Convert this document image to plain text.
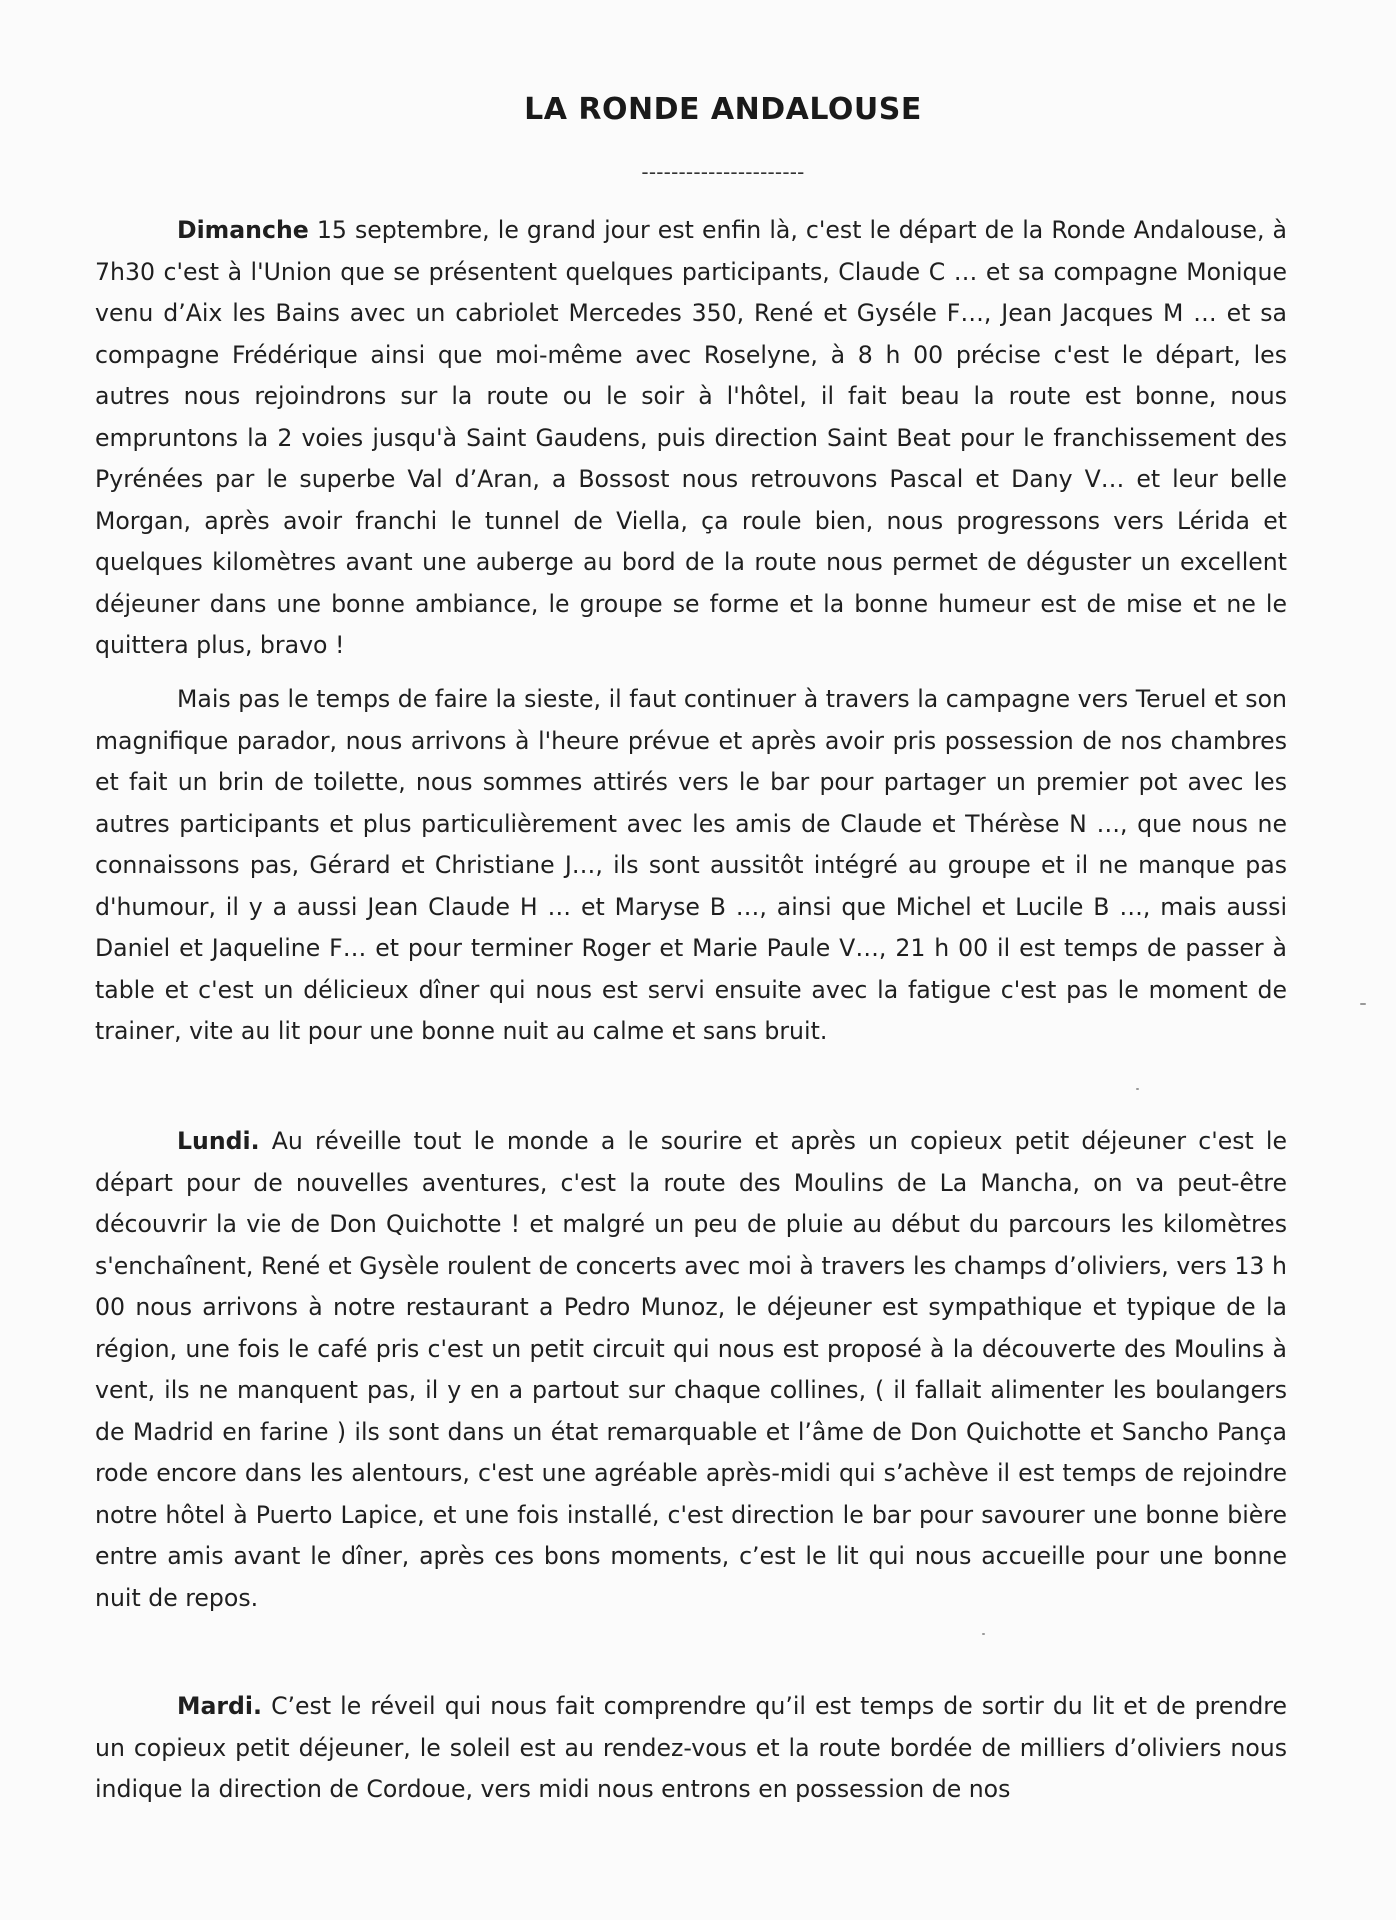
LA RONDE ANDALOUSE
----------------------

Dimanche 15 septembre, le grand jour est enfin là, c'est le départ de la Ronde Andalouse, à 7h30 c'est à l'Union que se présentent quelques participants, Claude C … et sa compagne Monique venu d’Aix les Bains avec un cabriolet Mercedes 350, René et Gyséle F…, Jean Jacques M … et sa compagne Frédérique ainsi que moi-même avec Roselyne, à 8 h 00 précise c'est le départ, les autres nous rejoindrons sur la route ou le soir à l'hôtel, il fait beau la route est bonne, nous empruntons la 2 voies jusqu'à Saint Gaudens, puis direction Saint Beat pour le franchissement des Pyrénées par le superbe Val d’Aran, a Bossost nous retrouvons Pascal et Dany V… et leur belle Morgan, après avoir franchi le tunnel de Viella, ça roule bien, nous progressons vers Lérida et quelques kilomètres avant une auberge au bord de la route nous permet de déguster un excellent déjeuner dans une bonne ambiance, le groupe se forme et la bonne humeur est de mise et ne le quittera plus, bravo !

Mais pas le temps de faire la sieste, il faut continuer à travers la campagne vers Teruel et son magnifique parador, nous arrivons à l'heure prévue et après avoir pris possession de nos chambres et fait un brin de toilette, nous sommes attirés vers le bar pour partager un premier pot avec les autres participants et plus particulièrement avec les amis de Claude et Thérèse N …, que nous ne connaissons pas, Gérard et Christiane J…, ils sont aussitôt intégré au groupe et il ne manque pas d'humour, il y a aussi Jean Claude H … et Maryse B …, ainsi que Michel et Lucile B …, mais aussi Daniel et Jaqueline F… et pour terminer Roger et Marie Paule V…, 21 h 00 il est temps de passer à table et c'est un délicieux dîner qui nous est servi ensuite avec la fatigue c'est pas le moment de trainer, vite au lit pour une bonne nuit au calme et sans bruit.

Lundi. Au réveille tout le monde a le sourire et après un copieux petit déjeuner c'est le départ pour de nouvelles aventures, c'est la route des Moulins de La Mancha, on va peut-être découvrir la vie de Don Quichotte ! et malgré un peu de pluie au début du parcours les kilomètres s'enchaînent, René et Gysèle roulent de concerts avec moi à travers les champs d’oliviers, vers 13 h 00 nous arrivons à notre restaurant a Pedro Munoz, le déjeuner est sympathique et typique de la région, une fois le café pris c'est un petit circuit qui nous est proposé à la découverte des Moulins à vent, ils ne manquent pas, il y en a partout sur chaque collines, ( il fallait alimenter les boulangers de Madrid en farine ) ils sont dans un état remarquable et l’âme de Don Quichotte et Sancho Pança rode encore dans les alentours, c'est une agréable après-midi qui s’achève il est temps de rejoindre notre hôtel à Puerto Lapice, et une fois installé, c'est direction le bar pour savourer une bonne bière entre amis avant le dîner, après ces bons moments, c’est le lit qui nous accueille pour une bonne nuit de repos.

Mardi. C’est le réveil qui nous fait comprendre qu’il est temps de sortir du lit et de prendre un copieux petit déjeuner, le soleil est au rendez-vous et la route bordée de milliers d’oliviers nous indique la direction de Cordoue, vers midi nous entrons en possession de nos
